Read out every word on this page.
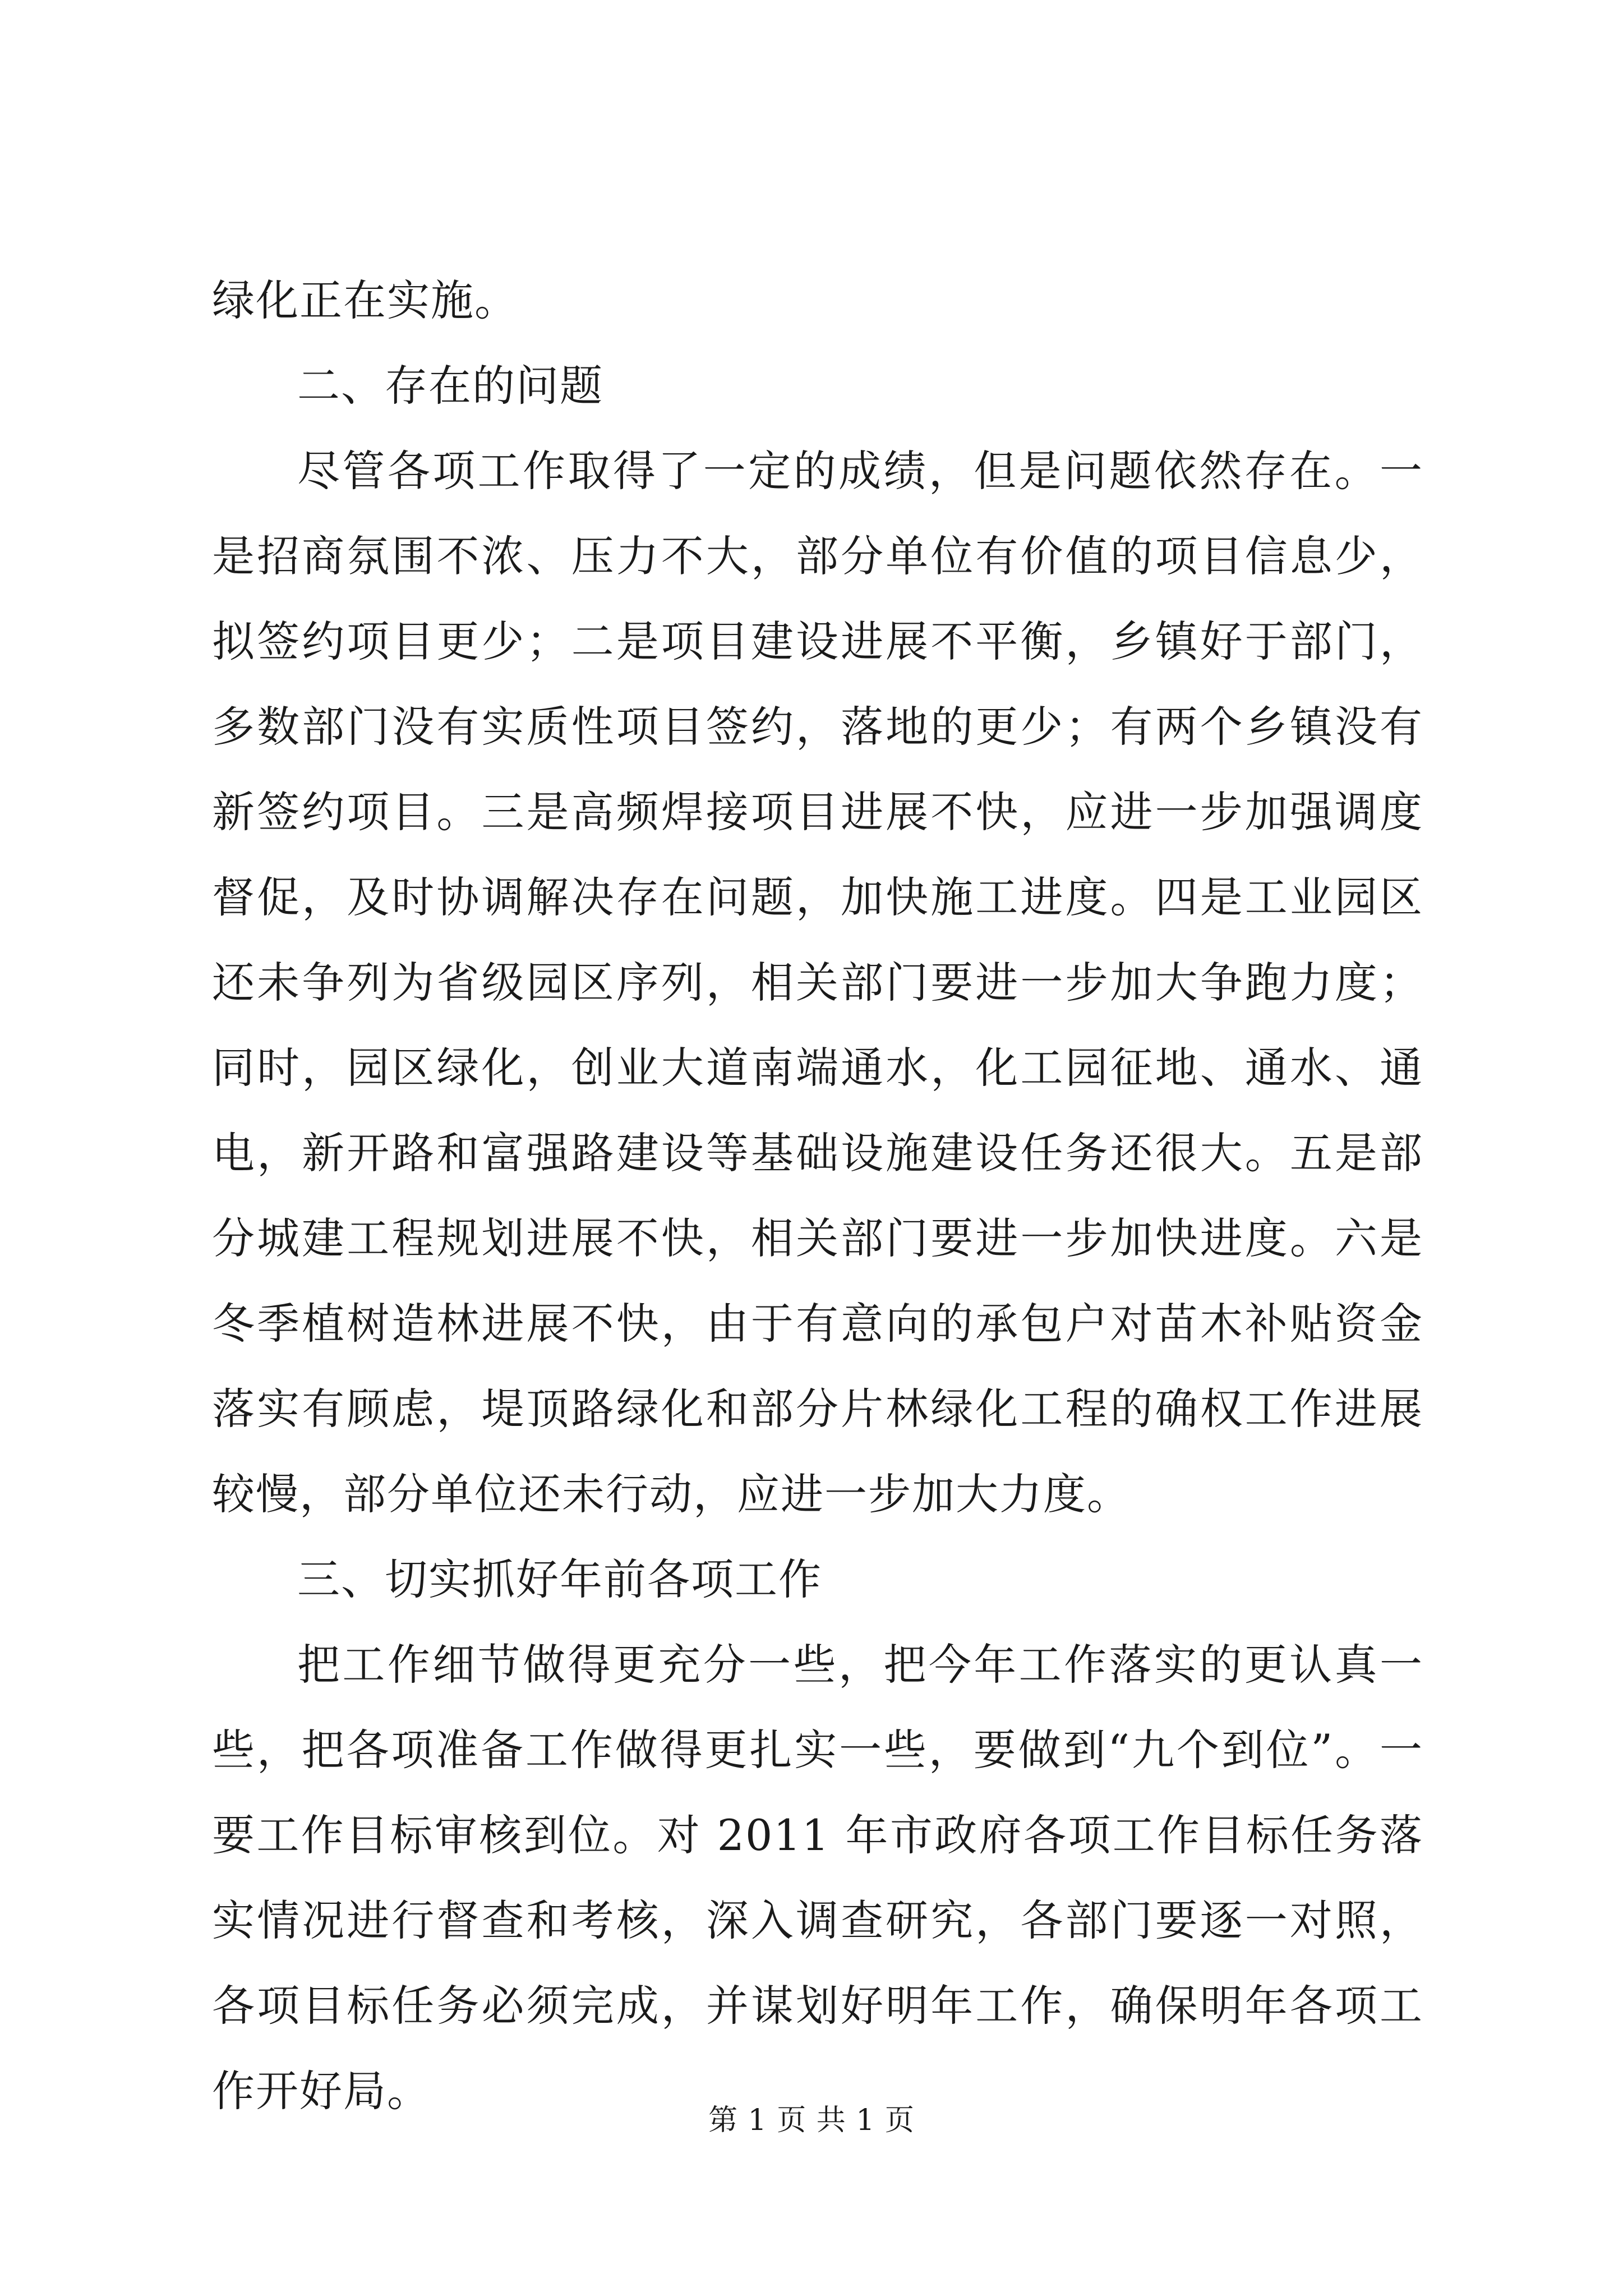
绿化正在实施。

二、存在的问题

尽管各项工作取得了一定的成绩，但是问题依然存在。一是招商氛围不浓、压力不大，部分单位有价值的项目信息少，拟签约项目更少；二是项目建设进展不平衡，乡镇好于部门，多数部门没有实质性项目签约，落地的更少；有两个乡镇没有新签约项目。三是高频焊接项目进展不快，应进一步加强调度督促，及时协调解决存在问题，加快施工进度。四是工业园区还未争列为省级园区序列，相关部门要进一步加大争跑力度；同时，园区绿化，创业大道南端通水，化工园征地、通水、通电，新开路和富强路建设等基础设施建设任务还很大。五是部分城建工程规划进展不快，相关部门要进一步加快进度。六是冬季植树造林进展不快，由于有意向的承包户对苗木补贴资金落实有顾虑，堤顶路绿化和部分片林绿化工程的确权工作进展较慢，部分单位还未行动，应进一步加大力度。

三、切实抓好年前各项工作

把工作细节做得更充分一些，把今年工作落实的更认真一些，把各项准备工作做得更扎实一些，要做到“九个到位”。一要工作目标审核到位。对 2011 年市政府各项工作目标任务落实情况进行督查和考核，深入调查研究，各部门要逐一对照，各项目标任务必须完成，并谋划好明年工作，确保明年各项工作开好局。

第 1 页 共 1 页
